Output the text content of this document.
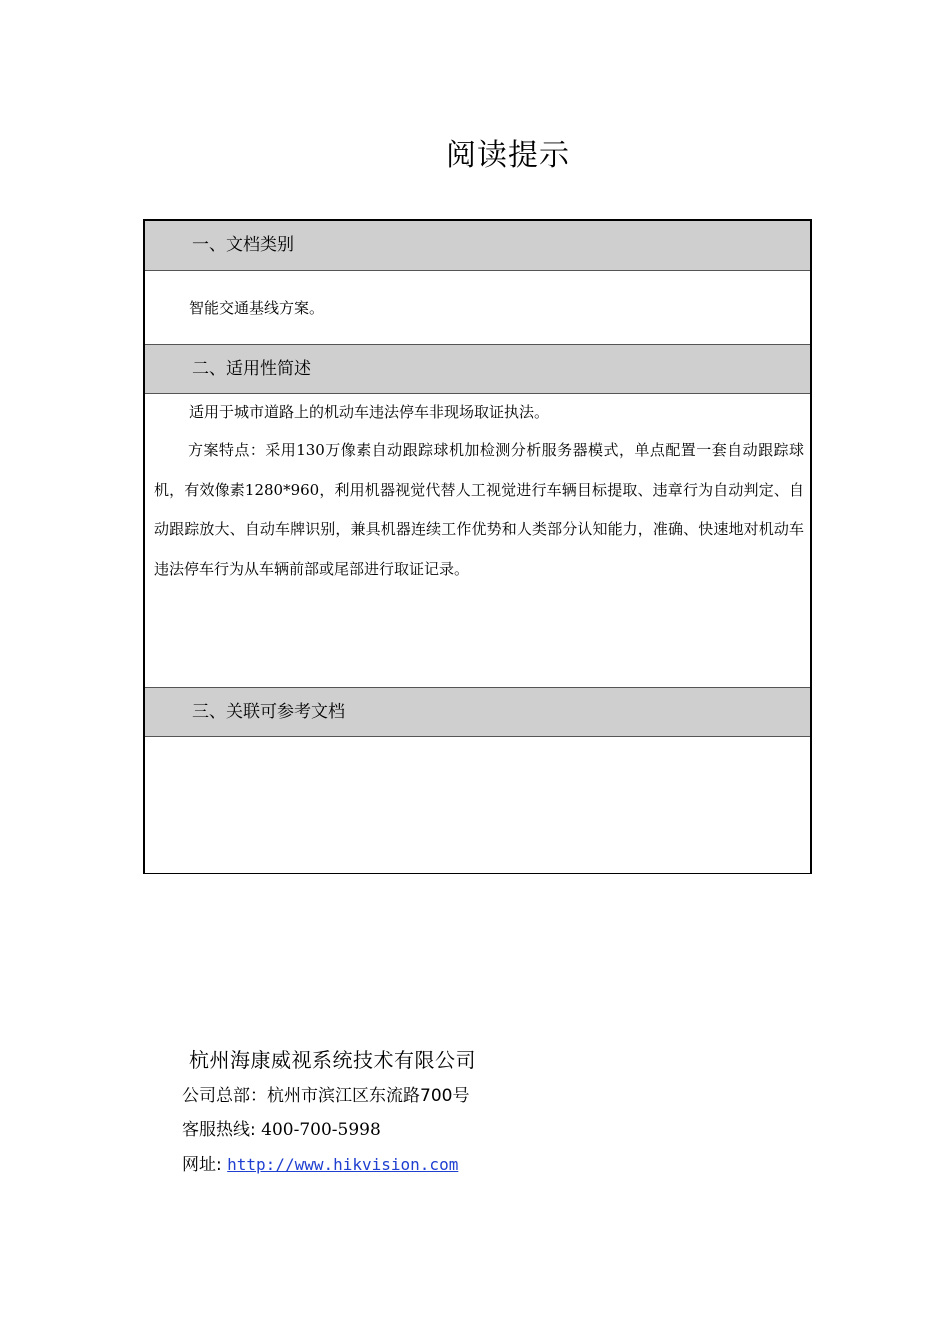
阅读提示
一、文档类别
智能交通基线方案。
二、适用性简述
适用于城市道路上的机动车违法停车非现场取证执法。
方案特点：采用130万像素自动跟踪球机加检测分析服务器模式，单点配置一套自动跟踪球机，有效像素1280*960，利用机器视觉代替人工视觉进行车辆目标提取、违章行为自动判定、自动跟踪放大、自动车牌识别，兼具机器连续工作优势和人类部分认知能力，准确、快速地对机动车违法停车行为从车辆前部或尾部进行取证记录。
三、关联可参考文档
杭州海康威视系统技术有限公司
公司总部：杭州市滨江区东流路700号
客服热线: 400-700-5998
网址: http://www.hikvision.com
